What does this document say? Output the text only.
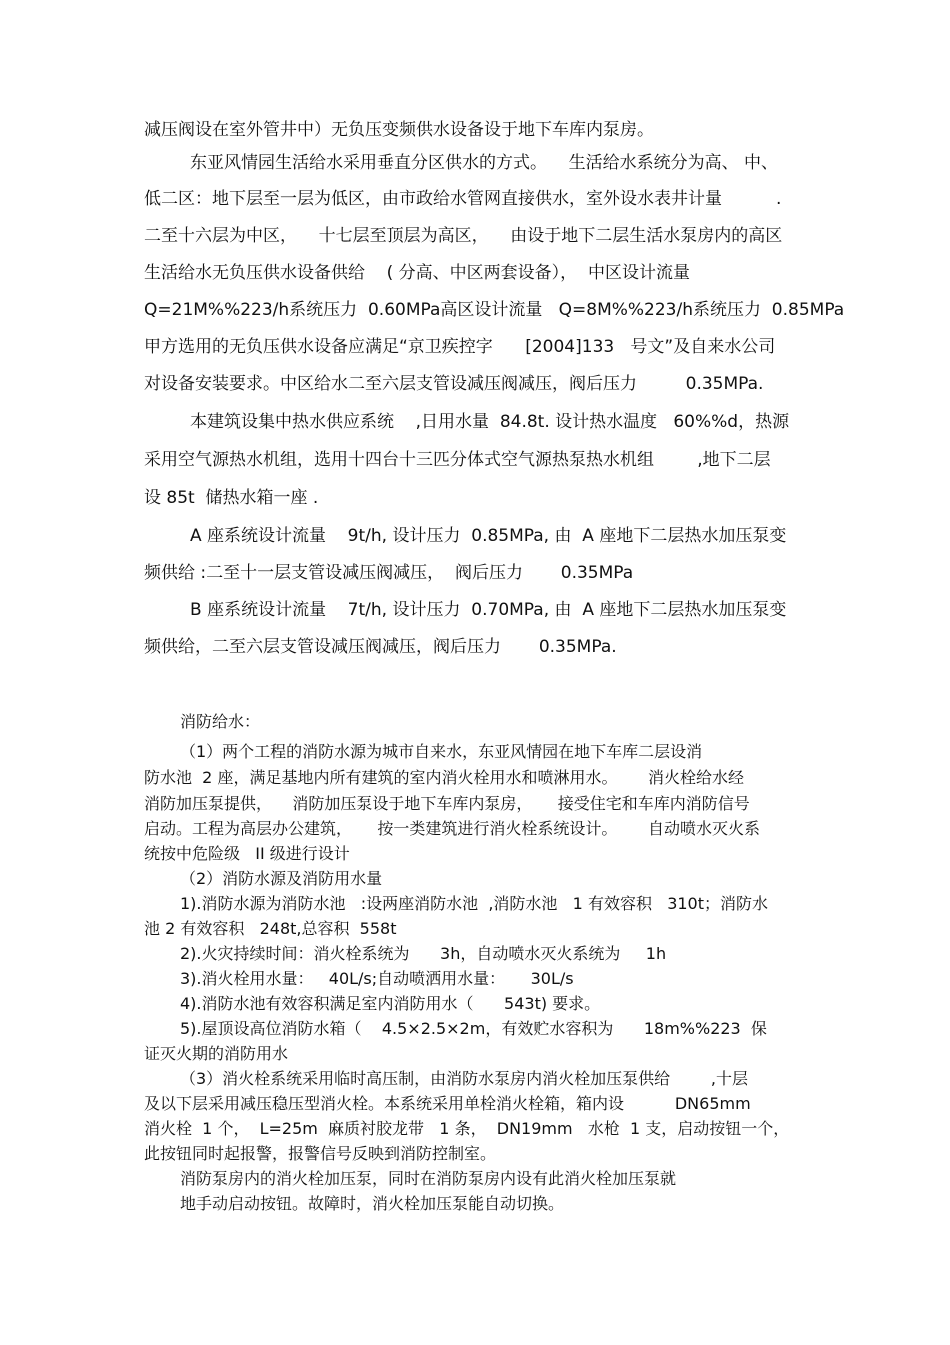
减压阀设在室外管井中）无负压变频供水设备设于地下车库内泵房。
东亚风情园生活给水采用垂直分区供水的方式。    生活给水系统分为高、 中、
低二区：地下层至一层为低区，由市政给水管网直接供水，室外设水表井计量          .
二至十六层为中区，    十七层至顶层为高区，    由设于地下二层生活水泵房内的高区
生活给水无负压供水设备供给    ( 分高、中区两套设备），  中区设计流量
Q=21M%%223/h系统压力  0.60MPa高区设计流量   Q=8M%%223/h系统压力  0.85MPa
甲方选用的无负压供水设备应满足“京卫疾控字      [2004]133   号文”及自来水公司
对设备安装要求。中区给水二至六层支管设减压阀减压，阀后压力         0.35MPa.
本建筑设集中热水供应系统    ,日用水量  84.8t. 设计热水温度   60%%d，热源
采用空气源热水机组，选用十四台十三匹分体式空气源热泵热水机组        ,地下二层
设 85t  储热水箱一座 .
A 座系统设计流量    9t/h, 设计压力  0.85MPa, 由  A 座地下二层热水加压泵变
频供给 :二至十一层支管设减压阀减压，  阀后压力       0.35MPa
B 座系统设计流量    7t/h, 设计压力  0.70MPa, 由  A 座地下二层热水加压泵变
频供给，二至六层支管设减压阀减压，阀后压力       0.35MPa.
消防给水：
（1）两个工程的消防水源为城市自来水，东亚风情园在地下车库二层设消
防水池  2 座，满足基地内所有建筑的室内消火栓用水和喷淋用水。      消火栓给水经
消防加压泵提供，    消防加压泵设于地下车库内泵房，     接受住宅和车库内消防信号
启动。工程为高层办公建筑，     按一类建筑进行消火栓系统设计。      自动喷水灭火系
统按中危险级   II 级进行设计
（2）消防水源及消防用水量
1).消防水源为消防水池   :设两座消防水池  ,消防水池   1 有效容积   310t；消防水
池 2 有效容积   248t,总容积  558t
2).火灾持续时间：消火栓系统为      3h，自动喷水灭火系统为     1h
3).消火栓用水量：   40L/s;自动喷洒用水量：     30L/s
4).消防水池有效容积满足室内消防用水（      543t) 要求。
5).屋顶设高位消防水箱（    4.5×2.5×2m，有效贮水容积为      18m%%223  保
证灭火期的消防用水
（3）消火栓系统采用临时高压制，由消防水泵房内消火栓加压泵供给        ,十层
及以下层采用减压稳压型消火栓。本系统采用单栓消火栓箱，箱内设          DN65mm
消火栓  1 个，  L=25m  麻质衬胶龙带   1 条，  DN19mm   水枪  1 支，启动按钮一个，
此按钮同时起报警，报警信号反映到消防控制室。
消防泵房内的消火栓加压泵，同时在消防泵房内设有此消火栓加压泵就
地手动启动按钮。故障时，消火栓加压泵能自动切换。
